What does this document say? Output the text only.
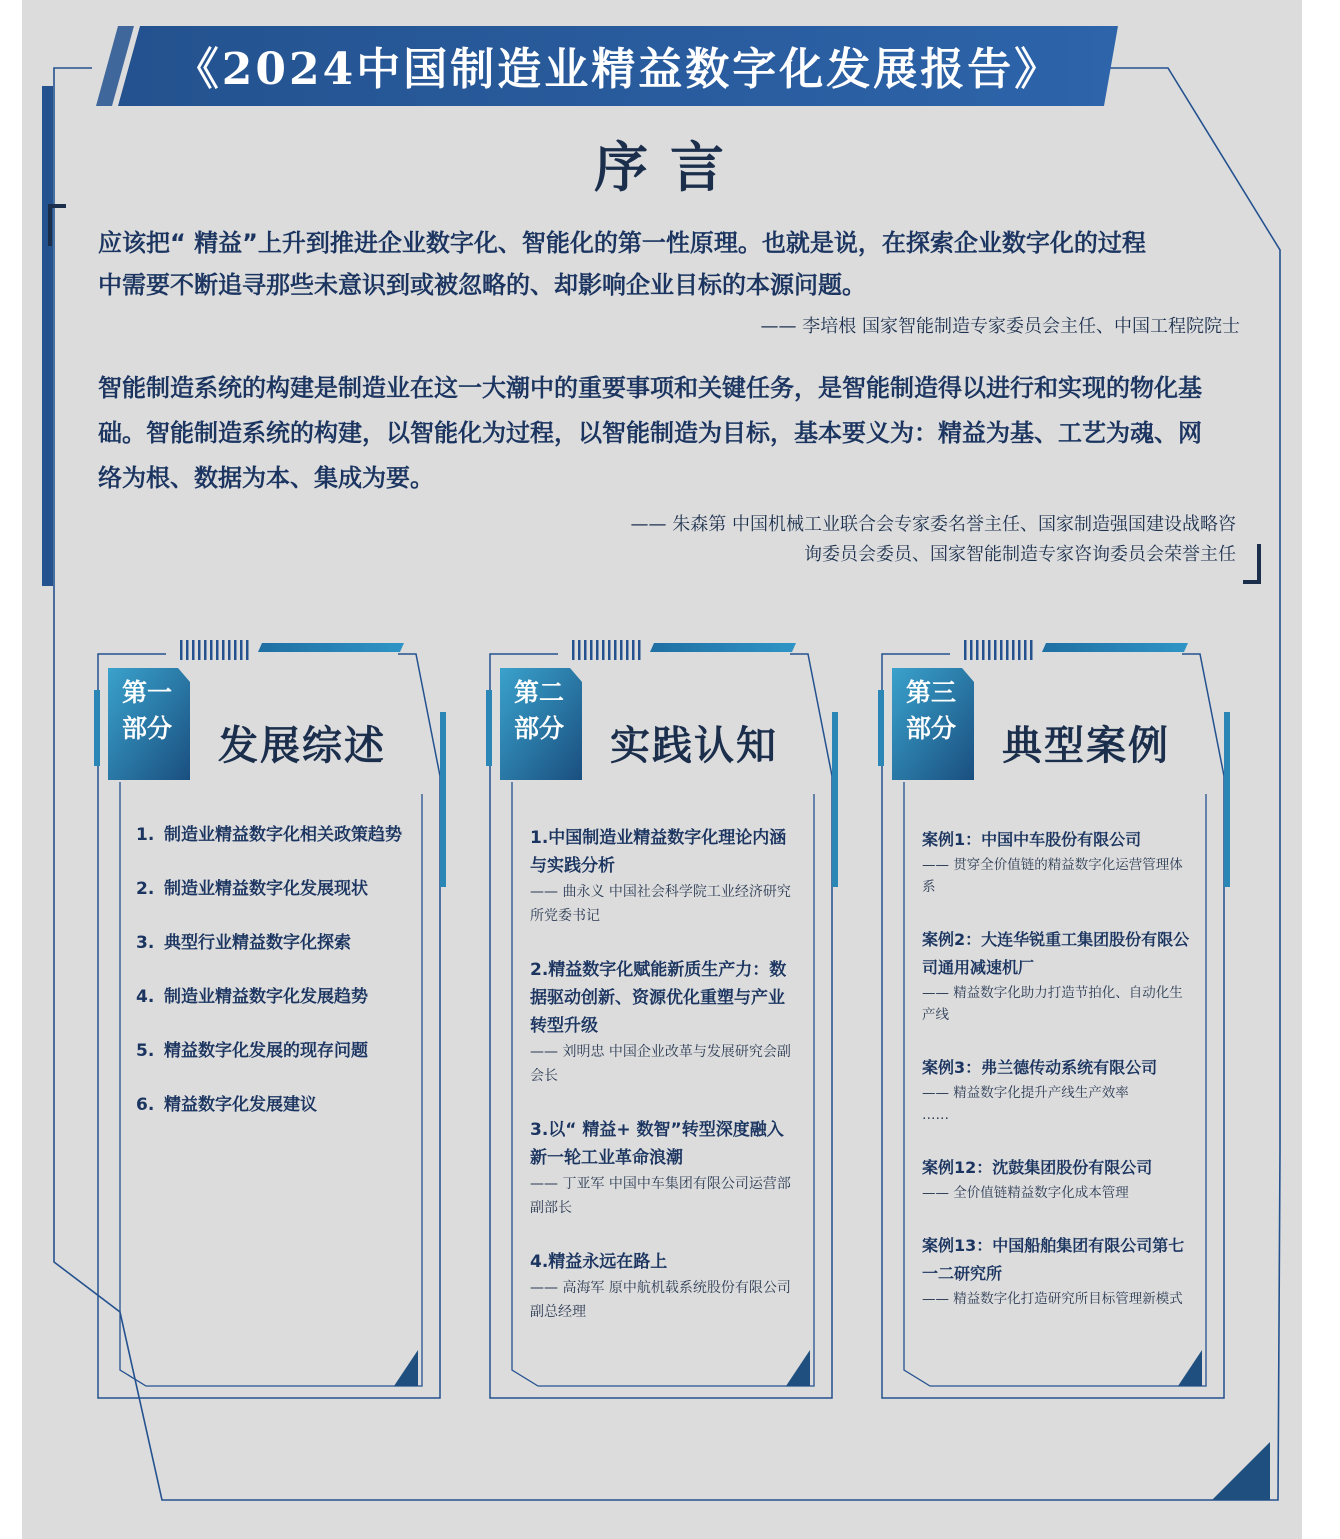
《2024中国制造业精益数字化发展报告》
序言
应该把“ 精益”上升到推进企业数字化、智能化的第一性原理。也就是说，在探索企业数字化的过程中需要不断追寻那些未意识到或被忽略的、却影响企业目标的本源问题。
—— 李培根 国家智能制造专家委员会主任、中国工程院院士
智能制造系统的构建是制造业在这一大潮中的重要事项和关键任务，是智能制造得以进行和实现的物化基础。智能制造系统的构建，以智能化为过程，以智能制造为目标，基本要义为：精益为基、工艺为魂、网络为根、数据为本、集成为要。
—— 朱森第 中国机械工业联合会专家委名誉主任、国家制造强国建设战略咨
询委员会委员、国家智能制造专家咨询委员会荣誉主任
第一
部分 发展综述
1. 制造业精益数字化相关政策趋势
2. 制造业精益数字化发展现状
3. 典型行业精益数字化探索
4. 制造业精益数字化发展趋势
5. 精益数字化发展的现存问题
6. 精益数字化发展建议
第二
部分 实践认知
1.中国制造业精益数字化理论内涵与实践分析
—— 曲永义 中国社会科学院工业经济研究所党委书记
2.精益数字化赋能新质生产力：数据驱动创新、资源优化重塑与产业转型升级
—— 刘明忠 中国企业改革与发展研究会副会长
3.以“ 精益+ 数智”转型深度融入新一轮工业革命浪潮
—— 丁亚军 中国中车集团有限公司运营部副部长
4.精益永远在路上
—— 高海军 原中航机载系统股份有限公司副总经理
第三
部分 典型案例
案例1：中国中车股份有限公司
—— 贯穿全价值链的精益数字化运营管理体系
案例2：大连华锐重工集团股份有限公司通用减速机厂
—— 精益数字化助力打造节拍化、自动化生产线
案例3：弗兰德传动系统有限公司
—— 精益数字化提升产线生产效率
……
案例12：沈鼓集团股份有限公司
—— 全价值链精益数字化成本管理
案例13：中国船舶集团有限公司第七一二研究所
—— 精益数字化打造研究所目标管理新模式
